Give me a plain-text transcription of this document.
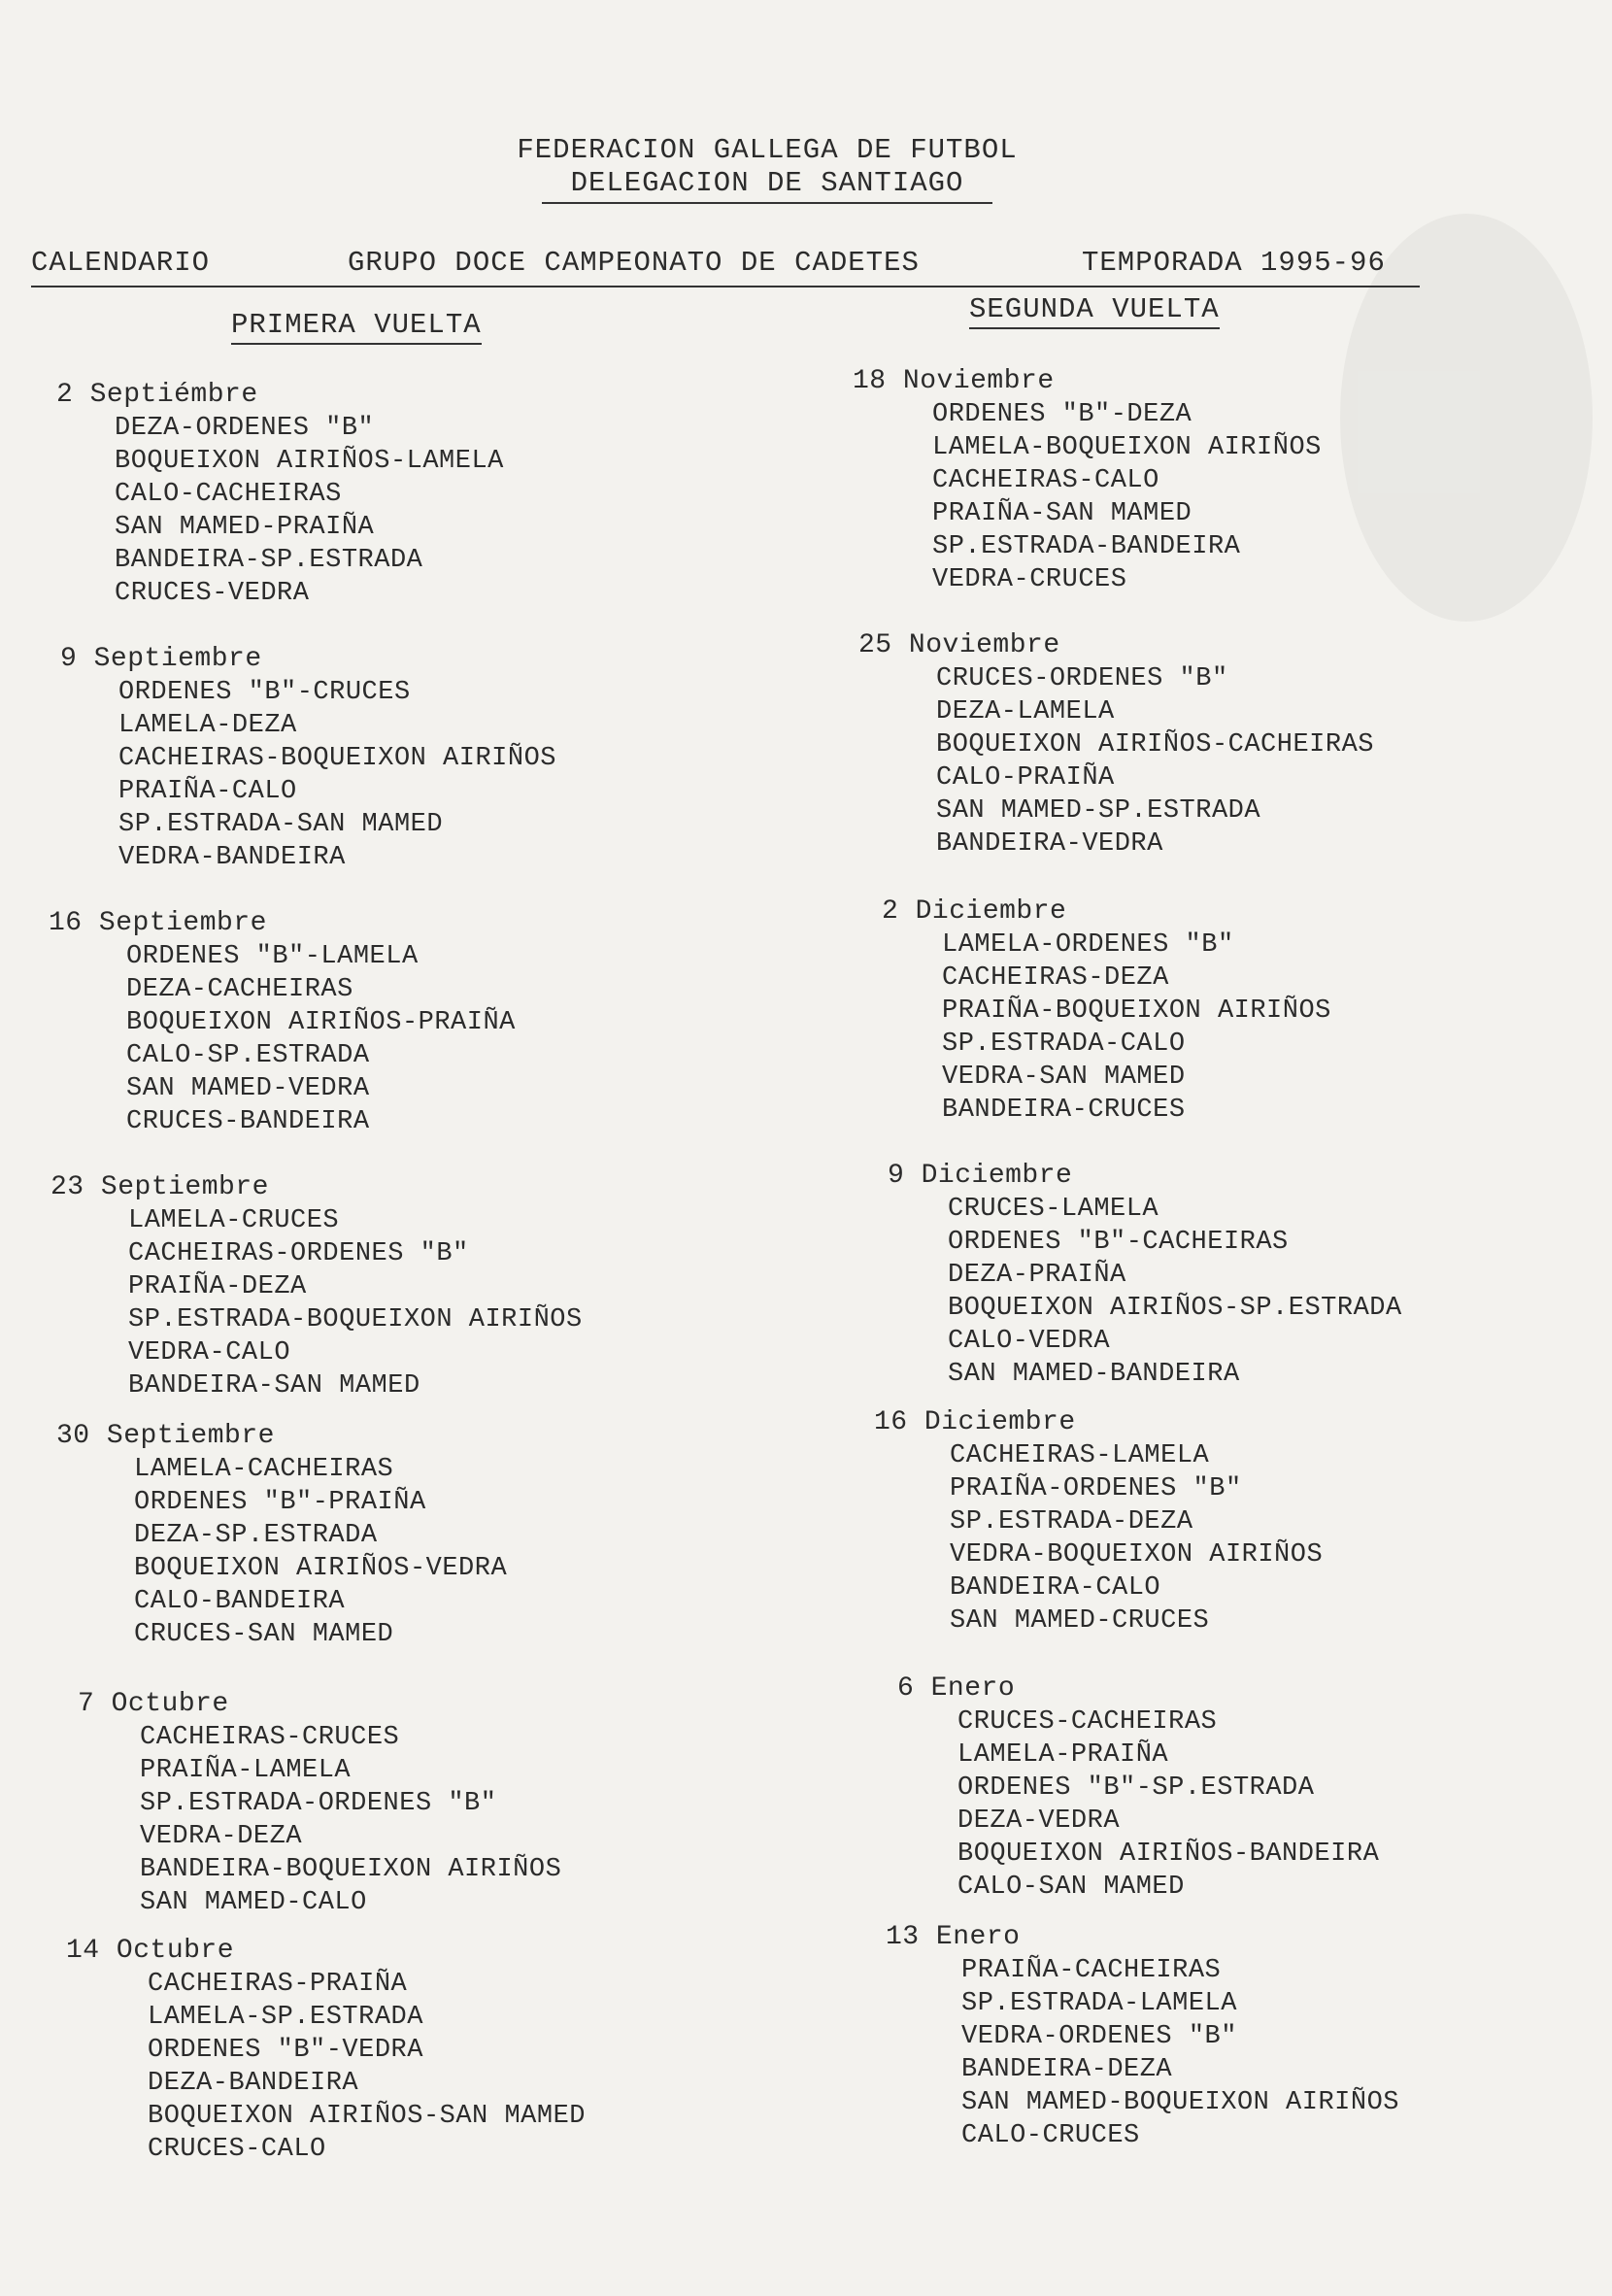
FEDERACION GALLEGA DE FUTBOL
DELEGACION DE SANTIAGO
CALENDARIO	GRUPO DOCE CAMPEONATO DE CADETES	TEMPORADA 1995-96
PRIMERA VUELTA	SEGUNDA VUELTA
2 Septiémbre
DEZA-ORDENES "B"
BOQUEIXON AIRIÑOS-LAMELA
CALO-CACHEIRAS
SAN MAMED-PRAIÑA
BANDEIRA-SP.ESTRADA
CRUCES-VEDRA
9 Septiembre
ORDENES "B"-CRUCES
LAMELA-DEZA
CACHEIRAS-BOQUEIXON AIRIÑOS
PRAIÑA-CALO
SP.ESTRADA-SAN MAMED
VEDRA-BANDEIRA
16 Septiembre
ORDENES "B"-LAMELA
DEZA-CACHEIRAS
BOQUEIXON AIRIÑOS-PRAIÑA
CALO-SP.ESTRADA
SAN MAMED-VEDRA
CRUCES-BANDEIRA
23 Septiembre
LAMELA-CRUCES
CACHEIRAS-ORDENES "B"
PRAIÑA-DEZA
SP.ESTRADA-BOQUEIXON AIRIÑOS
VEDRA-CALO
BANDEIRA-SAN MAMED
30 Septiembre
LAMELA-CACHEIRAS
ORDENES "B"-PRAIÑA
DEZA-SP.ESTRADA
BOQUEIXON AIRIÑOS-VEDRA
CALO-BANDEIRA
CRUCES-SAN MAMED
7 Octubre
CACHEIRAS-CRUCES
PRAIÑA-LAMELA
SP.ESTRADA-ORDENES "B"
VEDRA-DEZA
BANDEIRA-BOQUEIXON AIRIÑOS
SAN MAMED-CALO
14 Octubre
CACHEIRAS-PRAIÑA
LAMELA-SP.ESTRADA
ORDENES "B"-VEDRA
DEZA-BANDEIRA
BOQUEIXON AIRIÑOS-SAN MAMED
CRUCES-CALO
18 Noviembre
ORDENES "B"-DEZA
LAMELA-BOQUEIXON AIRIÑOS
CACHEIRAS-CALO
PRAIÑA-SAN MAMED
SP.ESTRADA-BANDEIRA
VEDRA-CRUCES
25 Noviembre
CRUCES-ORDENES "B"
DEZA-LAMELA
BOQUEIXON AIRIÑOS-CACHEIRAS
CALO-PRAIÑA
SAN MAMED-SP.ESTRADA
BANDEIRA-VEDRA
2 Diciembre
LAMELA-ORDENES "B"
CACHEIRAS-DEZA
PRAIÑA-BOQUEIXON AIRIÑOS
SP.ESTRADA-CALO
VEDRA-SAN MAMED
BANDEIRA-CRUCES
9 Diciembre
CRUCES-LAMELA
ORDENES "B"-CACHEIRAS
DEZA-PRAIÑA
BOQUEIXON AIRIÑOS-SP.ESTRADA
CALO-VEDRA
SAN MAMED-BANDEIRA
16 Diciembre
CACHEIRAS-LAMELA
PRAIÑA-ORDENES "B"
SP.ESTRADA-DEZA
VEDRA-BOQUEIXON AIRIÑOS
BANDEIRA-CALO
SAN MAMED-CRUCES
6 Enero
CRUCES-CACHEIRAS
LAMELA-PRAIÑA
ORDENES "B"-SP.ESTRADA
DEZA-VEDRA
BOQUEIXON AIRIÑOS-BANDEIRA
CALO-SAN MAMED
13 Enero
PRAIÑA-CACHEIRAS
SP.ESTRADA-LAMELA
VEDRA-ORDENES "B"
BANDEIRA-DEZA
SAN MAMED-BOQUEIXON AIRIÑOS
CALO-CRUCES
